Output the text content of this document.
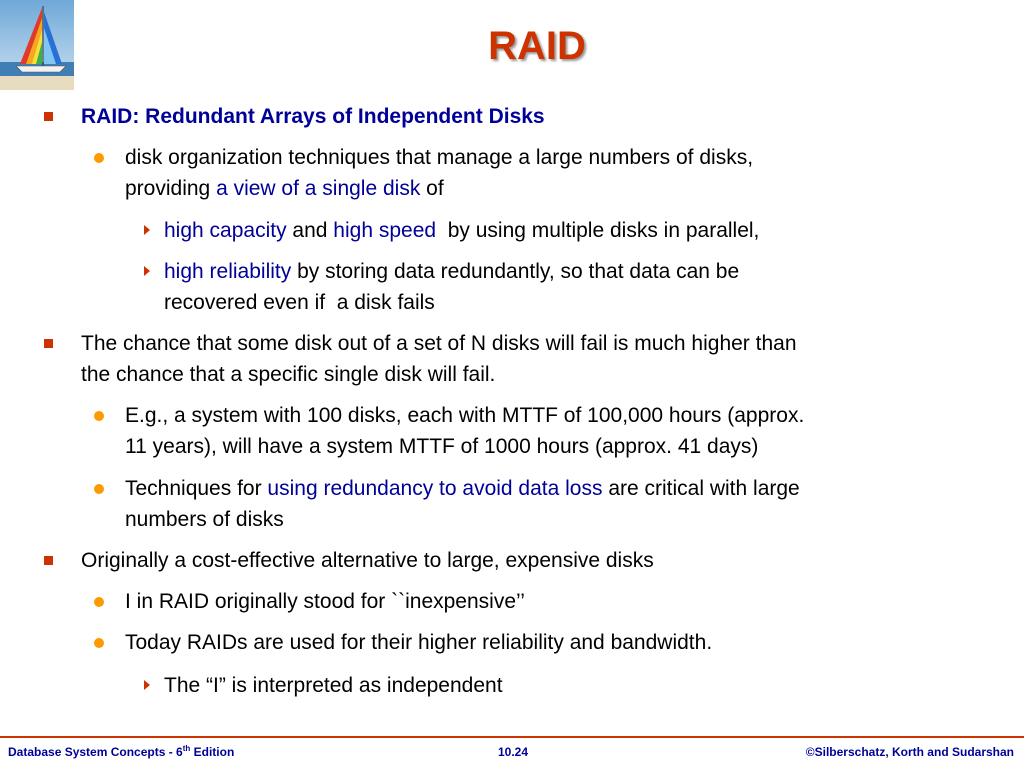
RAID
RAID: Redundant Arrays of Independent Disks
disk organization techniques that manage a large numbers of disks,
providing a view of a single disk of
high capacity and high speed  by using multiple disks in parallel,
high reliability by storing data redundantly, so that data can be
recovered even if  a disk fails
The chance that some disk out of a set of N disks will fail is much higher than
the chance that a specific single disk will fail.
E.g., a system with 100 disks, each with MTTF of 100,000 hours (approx.
11 years), will have a system MTTF of 1000 hours (approx. 41 days)
Techniques for using redundancy to avoid data loss are critical with large
numbers of disks
Originally a cost-effective alternative to large, expensive disks
I in RAID originally stood for ``inexpensive’’
Today RAIDs are used for their higher reliability and bandwidth.
The “I” is interpreted as independent
Database System Concepts - 6th Edition	10.24	©Silberschatz, Korth and Sudarshan
